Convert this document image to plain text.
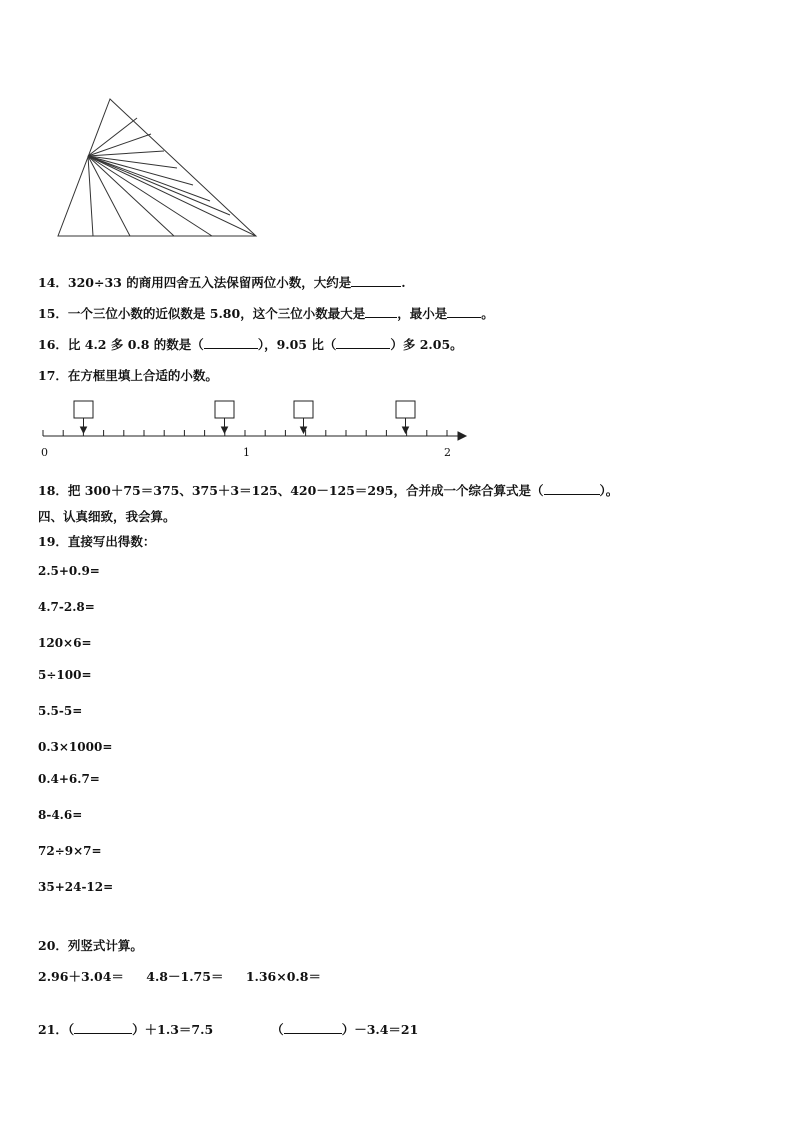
14．320÷33 的商用四舍五入法保留两位小数，大约是	.
15．一个三位小数的近似数是 5.80，这个三位小数最大是	，最小是	。
16．比 4.2 多 0.8 的数是（	），9.05 比（	）多 2.05。
17．在方框里填上合适的小数。
0	1	2
18．把 300＋75＝375、375＋3＝125、420－125＝295，合并成一个综合算式是（	）。
四、认真细致，我会算。
19．直接写出得数：
2.5+0.9=
4.7-2.8=
120×6=
5÷100=
5.5-5=
0.3×1000=
0.4+6.7=
8-4.6=
72÷9×7=
35+24-12=
20．列竖式计算。
2.96＋3.04＝ 4.8－1.75＝ 1.36×0.8＝
21．（	）＋1.3＝7.5	（	）－3.4＝21
